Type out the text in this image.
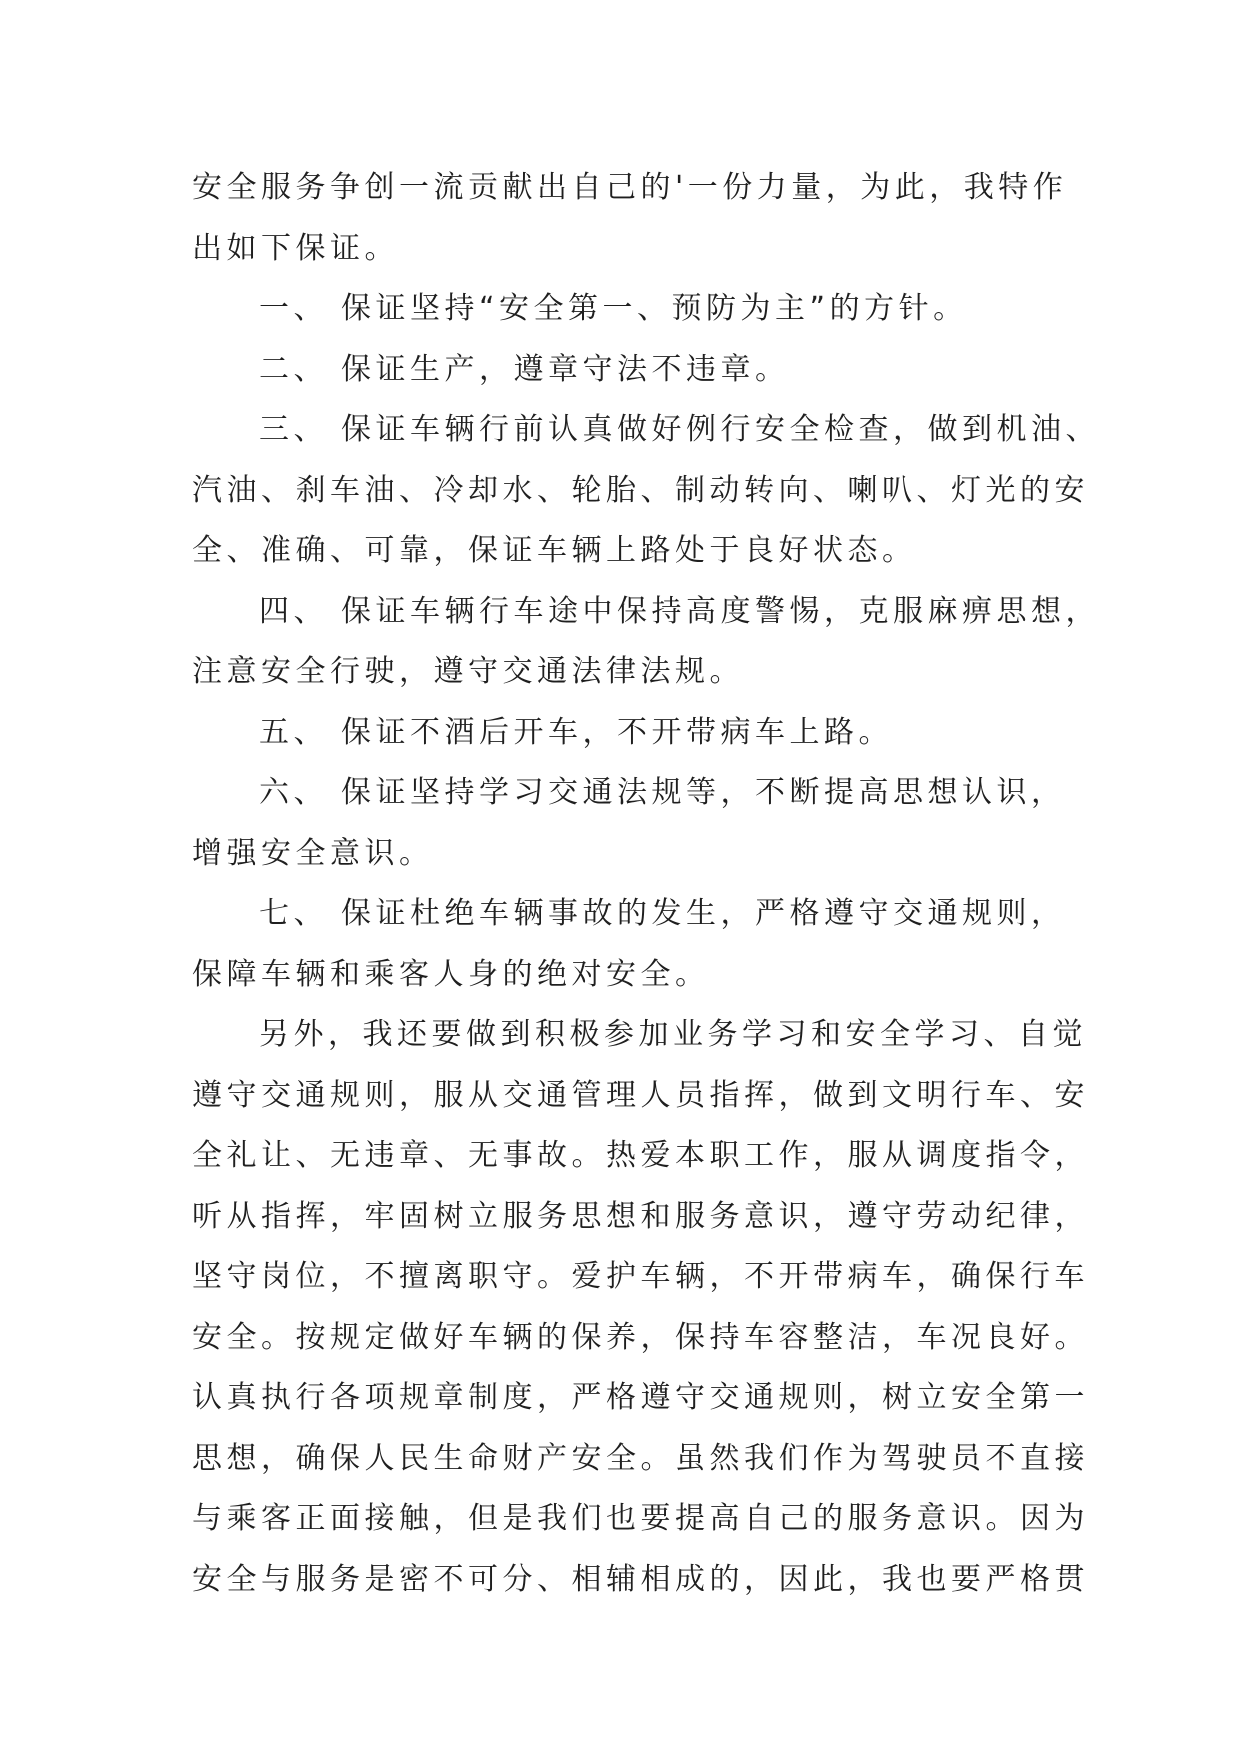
安全服务争创一流贡献出自己的'一份力量，为此，我特作
出如下保证。
一、 保证坚持“安全第一、预防为主”的方针。
二、 保证生产，遵章守法不违章。
三、 保证车辆行前认真做好例行安全检查，做到机油、
汽油、刹车油、冷却水、轮胎、制动转向、喇叭、灯光的安
全、准确、可靠，保证车辆上路处于良好状态。
四、 保证车辆行车途中保持高度警惕，克服麻痹思想，
注意安全行驶，遵守交通法律法规。
五、 保证不酒后开车，不开带病车上路。
六、 保证坚持学习交通法规等，不断提高思想认识，
增强安全意识。
七、 保证杜绝车辆事故的发生，严格遵守交通规则，
保障车辆和乘客人身的绝对安全。
另外，我还要做到积极参加业务学习和安全学习、自觉
遵守交通规则，服从交通管理人员指挥，做到文明行车、安
全礼让、无违章、无事故。热爱本职工作，服从调度指令，
听从指挥，牢固树立服务思想和服务意识，遵守劳动纪律，
坚守岗位，不擅离职守。爱护车辆，不开带病车，确保行车
安全。按规定做好车辆的保养，保持车容整洁，车况良好。
认真执行各项规章制度，严格遵守交通规则，树立安全第一
思想，确保人民生命财产安全。虽然我们作为驾驶员不直接
与乘客正面接触，但是我们也要提高自己的服务意识。因为
安全与服务是密不可分、相辅相成的，因此，我也要严格贯
